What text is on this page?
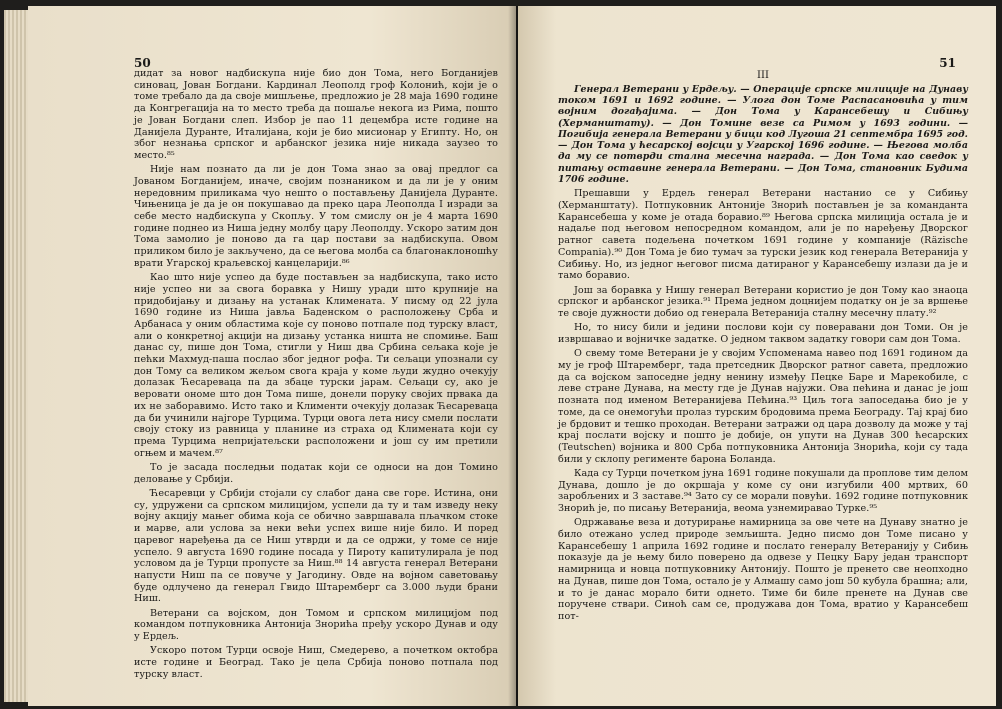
50

дидат за новог надбискупа није био дон Тома, него Богданијев синовац, Јован Богдани. Кардинал Леополд гроф Колонић, који је о томе требало да да своје мишљење, предложио је 28 маја 1690 године да Конгрегација на то место треба да пошаље некога из Рима, пошто је Јован Богдани слеп. Избор је пао 11 децембра исте године на Данијела Дуранте, Италијана, који је био мисионар у Египту. Но, он због незнања српског и арбанског језика није никада заузео то место.⁸⁵

Није нам познато да ли је дон Тома знао за овај предлог са Јованом Богданијем, иначе, својим познаником и да ли је у оним нередовним приликама чуо нешто о постављењу Данијела Дуранте. Чињеница је да је он покушавао да преко цара Леополда I изради за себе место надбискупа у Скопљу. У том смислу он је 4 марта 1690 године поднео из Ниша једну молбу цару Леополду. Ускоро затим дон Тома замолио је поново да га цар постави за надбискупа. Овом приликом било је закључено, да се његова молба са благонаклоношћу врати Угарској краљевској канцеларији.⁸⁶

Као што није успео да буде постављен за надбискупа, тако исто није успео ни за свога боравка у Нишу уради што крупније на придобијању и дизању на устанак Климената. У писму од 22 јула 1690 године из Ниша јавља Баденском о расположењу Срба и Арбанаса у оним областима које су поново потпале под турску власт, али о конкретној акцији на дизању устанка ништа не спомиње. Баш данас су, пише дон Тома, стигли у Ниш два Србина сељака које је пећки Махмуд-паша послао због једног рофа. Ти сељаци упознали су дон Тому са великом жељом свога краја у коме људи жудно очекују долазак Ћесареваца па да збаце турски јарам. Сељаци су, ако је веровати ономе што дон Тома пише, донели поруку својих првака да их не заборавимо. Исто тако и Клименти очекују долазак Ћесареваца да би учинили најгоре Турцима. Турци овога лета нису смели послати своју стоку из равница у планине из страха од Климената који су према Турцима непријатељски расположени и још су им претили огњем и мачем.⁸⁷

То је засада последњи податак који се односи на дон Томино деловање у Србији.

Ћесаревци у Србији стојали су слабог дана све горе. Истина, они су, удружени са српском милицијом, успели да ту и там изведу неку војну акцију мањег обима која се обично завршавала пљачком стоке и марве, али услова за неки већи успех више није било. И поред царевог наређења да се Ниш утврди и да се одржи, у томе се није успело. 9 августа 1690 године посада у Пироту капитулирала је под условом да је Турци пропусте за Ниш.⁸⁸ 14 августа генерал Ветерани напусти Ниш па се повуче у Јагодину. Овде на војном саветовању буде одлучено да генерал Гвидо Штаремберг са 3.000 људи брани Ниш.

Ветерани са војском, дон Томом и српском милицијом под командом потпуковника Антонија Знорића пређу ускоро Дунав и оду у Ердељ.

Ускоро потом Турци освоје Ниш, Смедерево, а почетком октобра исте године и Београд. Тако је цела Србија поново потпала под турску власт.

51
III
Генерал Ветерани у Ердељу. — Операције српске милиције на Дунаву током 1691 и 1692 године. — Улога дон Томе Распасановића у тим војним догађајима. — Дон Тома у Карансебешу и Сибињу (Херманштату). — Дон Томине везе са Римом у 1693 години. — Погибија генерала Ветерани у бици код Лугоша 21 септембра 1695 год. — Дон Тома у ћесарској војсци у Угарској 1696 године. — Његова молба да му се потврди стална месечна награда. — Дон Тома као сведок у питању оставине генерала Ветерани. — Дон Тома, становник Будима 1706 године.

Прешавши у Ердељ генерал Ветерани настанио се у Сибињу (Херманштату). Потпуковник Антоније Знорић постављен је за команданта Карансебеша у коме је отада боравио.⁸⁹ Његова српска милиција остала је и надаље под његовом непосредном командом, али је по наређењу Дворског ратног савета подељена почетком 1691 године у компаније (Räzische Compania).⁹⁰ Дон Тома је био тумач за турски језик код генерала Ветеранија у Сибињу. Но, из једног његовог писма датираног у Карансебешу излази да је и тамо боравио.

Још за боравка у Нишу генерал Ветерани користио је дон Тому као знаоца српског и арбанског језика.⁹¹ Према једном доцнијем податку он је за вршење те своје дужности добио од генерала Ветеранија сталну месечну плату.⁹²

Но, то нису били и једини послови који су поверавани дон Томи. Он је извршавао и војничке задатке. О једном таквом задатку говори сам дон Тома.

О свему томе Ветерани је у својим Успоменама навео под 1691 годином да му је гроф Штаремберг, тада претседник Дворског ратног савета, предложио да са војском запоседне једну ненину између Пецке Баре и Марекобиле, с леве стране Дунава, на месту где је Дунав најужи. Ова пећина и данас је још позната под именом Ветеранијева Пећина.⁹³ Циљ тога запоседања био је у томе, да се онемогући пролаз турским бродовима према Београду. Тај крај био је брдовит и тешко проходан. Ветерани затражи од цара дозволу да може у тај крај послати војску и пошто је добије, он упути на Дунав 300 ћесарских (Teutschen) војника и 800 Срба потпуковника Антонија Знорића, који су тада били у склопу регименте барона Боланда.

Када су Турци почетком јуна 1691 године покушали да проплове тим делом Дунава, дошло је до окршаја у коме су они изгубили 400 мртвих, 60 заробљених и 3 заставе.⁹⁴ Зато су се морали повући. 1692 године потпуковник Знорић је, по писању Ветеранија, веома узнемиравао Турке.⁹⁵

Одржавање веза и дотурирање намирница за ове чете на Дунаву знатно је било отежано услед природе земљишта. Једно писмо дон Томе писано у Карансебешу 1 априла 1692 године и послато генералу Ветеранију у Сибињ показује да је њему било поверено да одвезе у Пецку Бару један транспорт намирница и новца потпуковнику Антонију. Пошто је пренето све неопходно на Дунав, пише дон Тома, остало је у Алмашу само још 50 кубула брашна; али, и то је данас морало бити однето. Тиме би биле пренете на Дунав све поручене ствари. Синоћ сам се, продужава дон Тома, вратио у Карансебеш пот-
